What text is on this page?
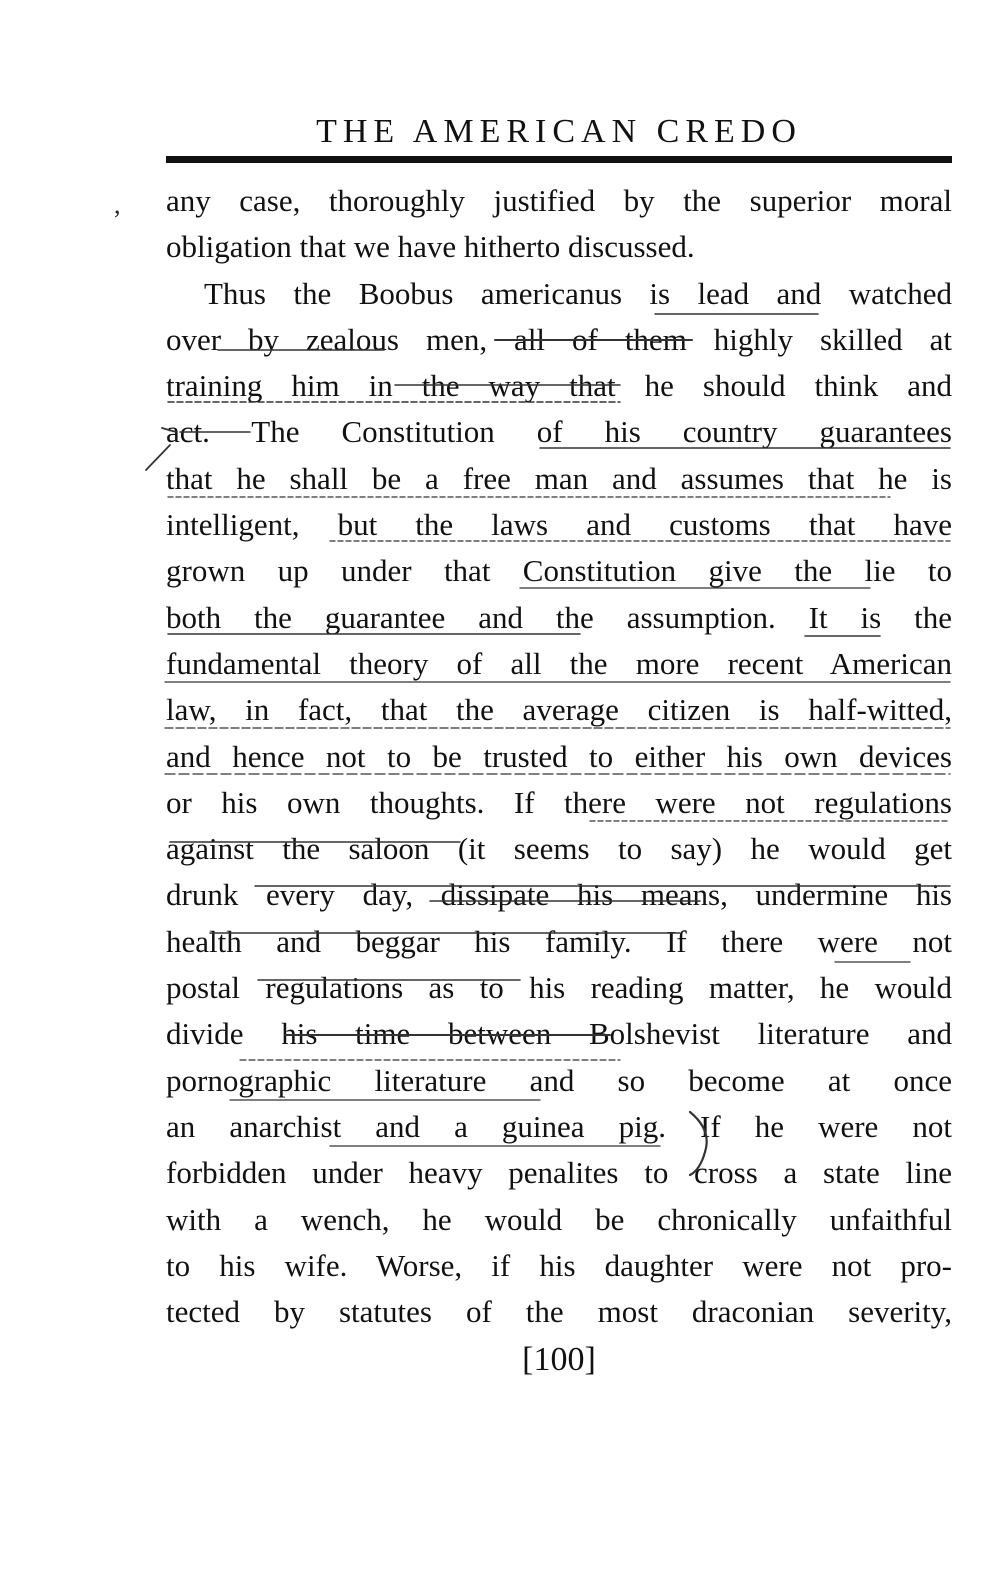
THE AMERICAN CREDO
, any case, thoroughly justified by the superior moral
obligation that we have hitherto discussed.
Thus the Boobus americanus is lead and watched
over by zealous men, all of them highly skilled at
training him in the way that he should think and
act. The Constitution of his country guarantees
that he shall be a free man and assumes that he is
intelligent, but the laws and customs that have
grown up under that Constitution give the lie to
both the guarantee and the assumption. It is the
fundamental theory of all the more recent American
law, in fact, that the average citizen is half-witted,
and hence not to be trusted to either his own devices
or his own thoughts. If there were not regulations
against the saloon (it seems to say) he would get
drunk every day, dissipate his means, undermine his
health and beggar his family. If there were not
postal regulations as to his reading matter, he would
divide his time between Bolshevist literature and
pornographic literature and so become at once
an anarchist and a guinea pig. If he were not
forbidden under heavy penalites to cross a state line
with a wench, he would be chronically unfaithful
to his wife. Worse, if his daughter were not pro-
tected by statutes of the most draconian severity,
[100]
